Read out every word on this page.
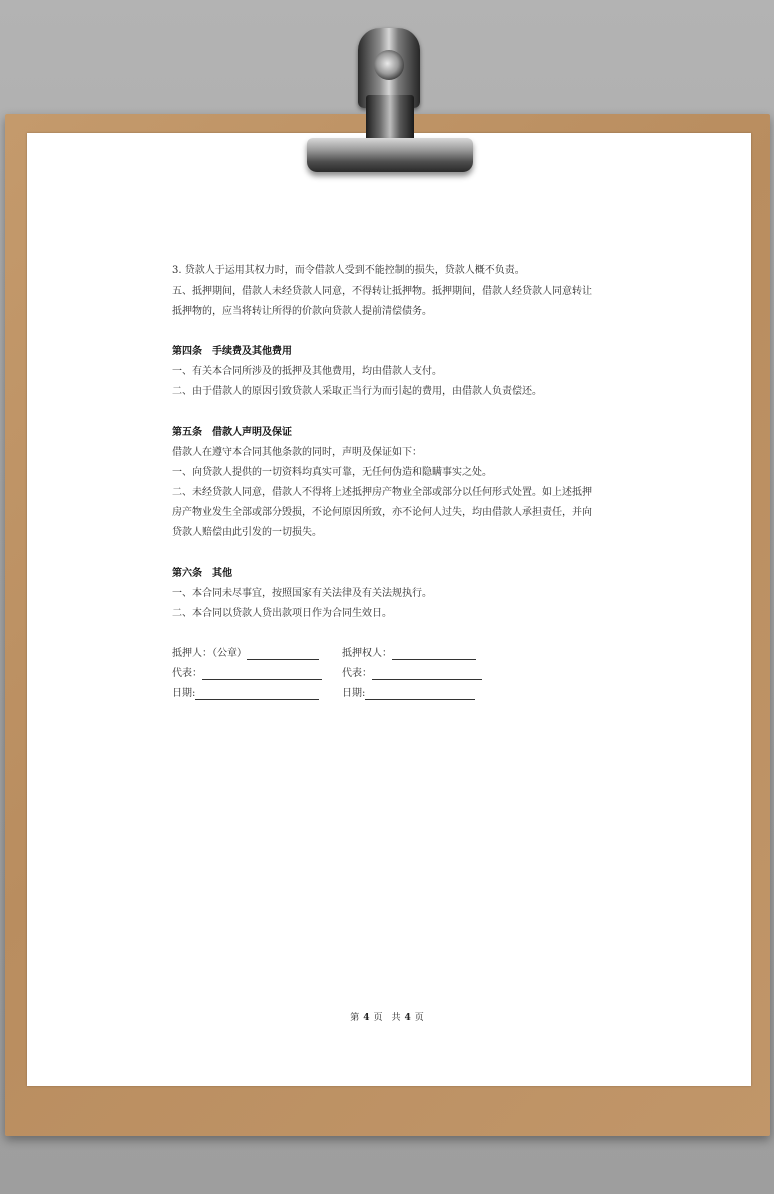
3. 贷款人于运用其权力时，而令借款人受到不能控制的损失，贷款人概不负责。
五、抵押期间，借款人未经贷款人同意，不得转让抵押物。抵押期间，借款人经贷款人同意转让
抵押物的，应当将转让所得的价款向贷款人提前清偿债务。
第四条　手续费及其他费用
一、有关本合同所涉及的抵押及其他费用，均由借款人支付。
二、由于借款人的原因引致贷款人采取正当行为而引起的费用，由借款人负责偿还。
第五条　借款人声明及保证
借款人在遵守本合同其他条款的同时，声明及保证如下：
一、向贷款人提供的一切资料均真实可靠，无任何伪造和隐瞒事实之处。
二、未经贷款人同意，借款人不得将上述抵押房产物业全部或部分以任何形式处置。如上述抵押
房产物业发生全部或部分毁损，不论何原因所致，亦不论何人过失，均由借款人承担责任，并向
贷款人赔偿由此引发的一切损失。
第六条　其他
一、本合同未尽事宜，按照国家有关法律及有关法规执行。
二、本合同以贷款人贷出款项日作为合同生效日。
抵押人：（公章）	抵押权人：
代表：	代表：
日期:	日期:
第 4 页　共 4 页
